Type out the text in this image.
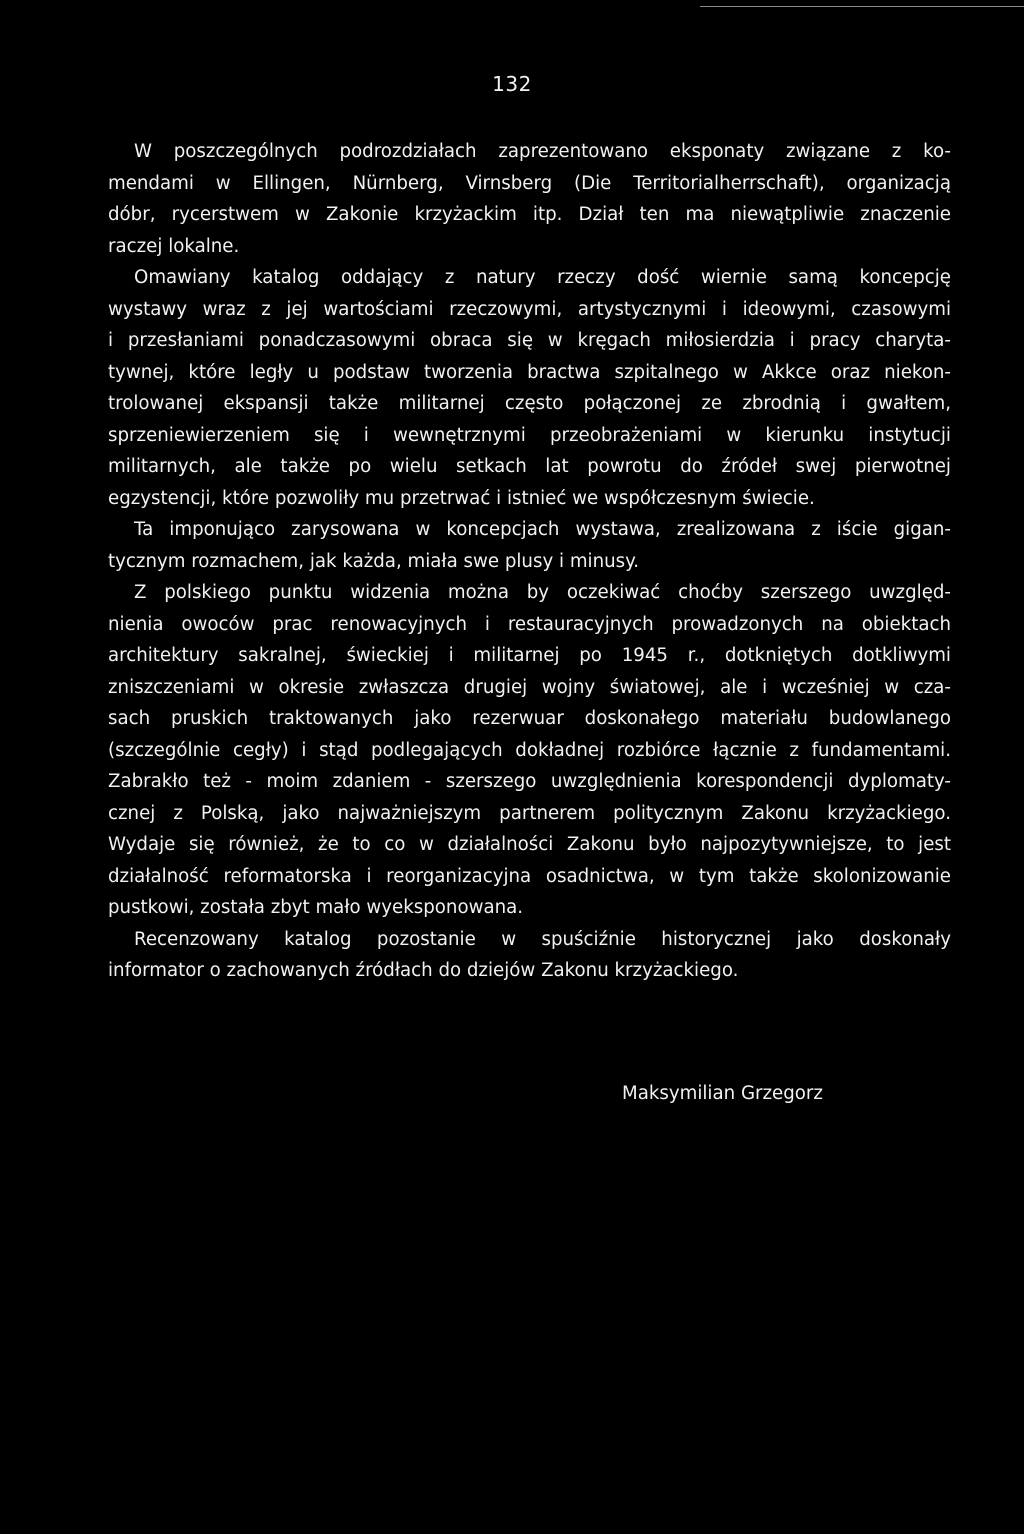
132
W poszczególnych podrozdziałach zaprezentowano eksponaty związane z ko-
mendami w Ellingen, Nürnberg, Virnsberg (Die Territorialherrschaft), organizacją
dóbr, rycerstwem w Zakonie krzyżackim itp. Dział ten ma niewątpliwie znaczenie
raczej lokalne.
Omawiany katalog oddający z natury rzeczy dość wiernie samą koncepcję
wystawy wraz z jej wartościami rzeczowymi, artystycznymi i ideowymi, czasowymi
i przesłaniami ponadczasowymi obraca się w kręgach miłosierdzia i pracy charyta-
tywnej, które legły u podstaw tworzenia bractwa szpitalnego w Akkce oraz niekon-
trolowanej ekspansji także militarnej często połączonej ze zbrodnią i gwałtem,
sprzeniewierzeniem się i wewnętrznymi przeobrażeniami w kierunku instytucji
militarnych, ale także po wielu setkach lat powrotu do źródeł swej pierwotnej
egzystencji, które pozwoliły mu przetrwać i istnieć we współczesnym świecie.
Ta imponująco zarysowana w koncepcjach wystawa, zrealizowana z iście gigan-
tycznym rozmachem, jak każda, miała swe plusy i minusy.
Z polskiego punktu widzenia można by oczekiwać choćby szerszego uwzględ-
nienia owoców prac renowacyjnych i restauracyjnych prowadzonych na obiektach
architektury sakralnej, świeckiej i militarnej po 1945 r., dotkniętych dotkliwymi
zniszczeniami w okresie zwłaszcza drugiej wojny światowej, ale i wcześniej w cza-
sach pruskich traktowanych jako rezerwuar doskonałego materiału budowlanego
(szczególnie cegły) i stąd podlegających dokładnej rozbiórce łącznie z fundamentami.
Zabrakło też - moim zdaniem - szerszego uwzględnienia korespondencji dyplomaty-
cznej z Polską, jako najważniejszym partnerem politycznym Zakonu krzyżackiego.
Wydaje się również, że to co w działalności Zakonu było najpozytywniejsze, to jest
działalność reformatorska i reorganizacyjna osadnictwa, w tym także skolonizowanie
pustkowi, została zbyt mało wyeksponowana.
Recenzowany katalog pozostanie w spuściźnie historycznej jako doskonały
informator o zachowanych źródłach do dziejów Zakonu krzyżackiego.
Maksymilian Grzegorz
